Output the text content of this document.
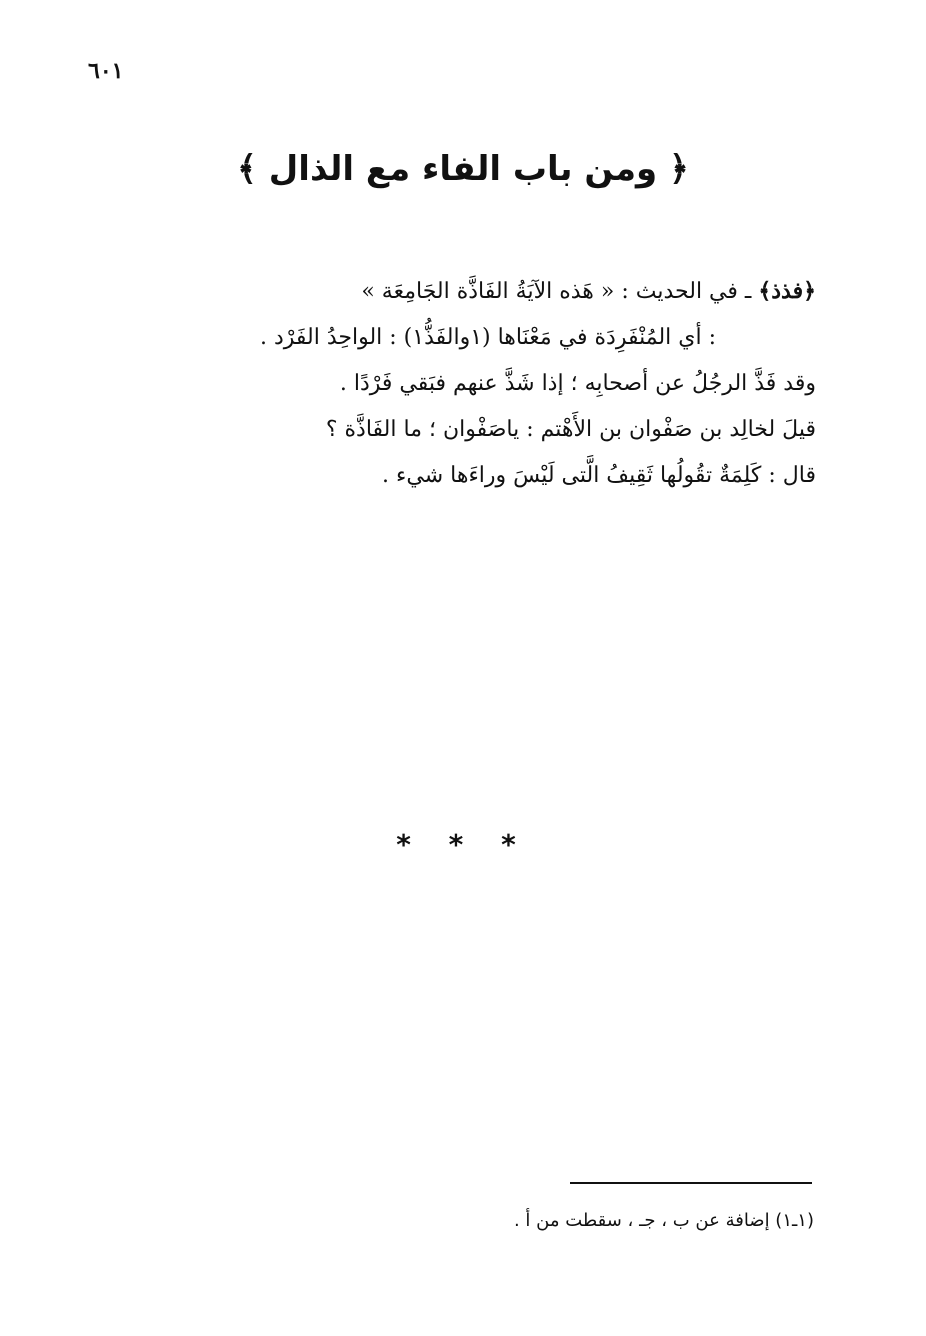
٦٠١
﴿ ومن باب الفاء مع الذال ﴾
﴿فذذ﴾ ـ في الحديث : « هَذه الآيَةُ الفَاذَّة الجَامِعَة »
: أي المُنْفَرِدَة في مَعْنَاها (١والفَذُّ١) : الواحِدُ الفَرْد .
وقد فَذَّ الرجُلُ عن أصحابِه ؛ إذا شَذَّ عنهم فبَقي فَرْدًا .
قيلَ لخالِد بن صَفْوان بن الأَهْتم : ياصَفْوان ؛ ما الفَاذَّة ؟
قال : كَلِمَةٌ تقُولُها ثَقِيفُ الَّتى لَيْسَ وراءَها شيء .
* * *
(١ـ١) إضافة عن ب ، جـ ، سقطت من أ .
